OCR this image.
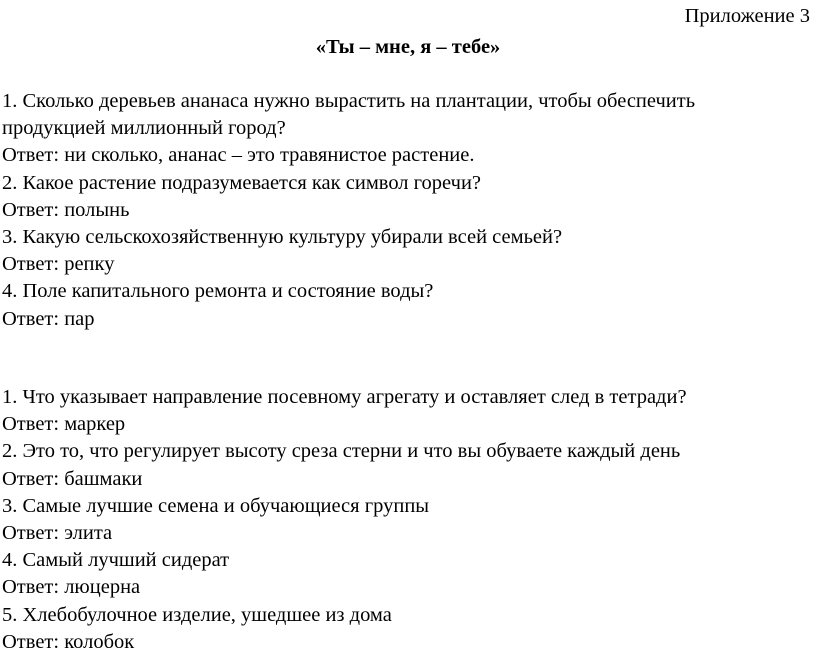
Приложение 3
«Ты – мне, я – тебе»
1. Сколько деревьев ананаса нужно вырастить на плантации, чтобы обеспечить
продукцией миллионный город?
Ответ: ни сколько, ананас – это травянистое растение.
2. Какое растение подразумевается как символ горечи?
Ответ: полынь
3. Какую сельскохозяйственную культуру убирали всей семьей?
Ответ: репку
4. Поле капитального ремонта и состояние воды?
Ответ: пар
1. Что указывает направление посевному агрегату и оставляет след в тетради?
Ответ: маркер
2. Это то, что регулирует высоту среза стерни и что вы обуваете каждый день
Ответ: башмаки
3. Самые лучшие семена и обучающиеся группы
Ответ: элита
4. Самый лучший сидерат
Ответ: люцерна
5. Хлебобулочное изделие, ушедшее из дома
Ответ: колобок
